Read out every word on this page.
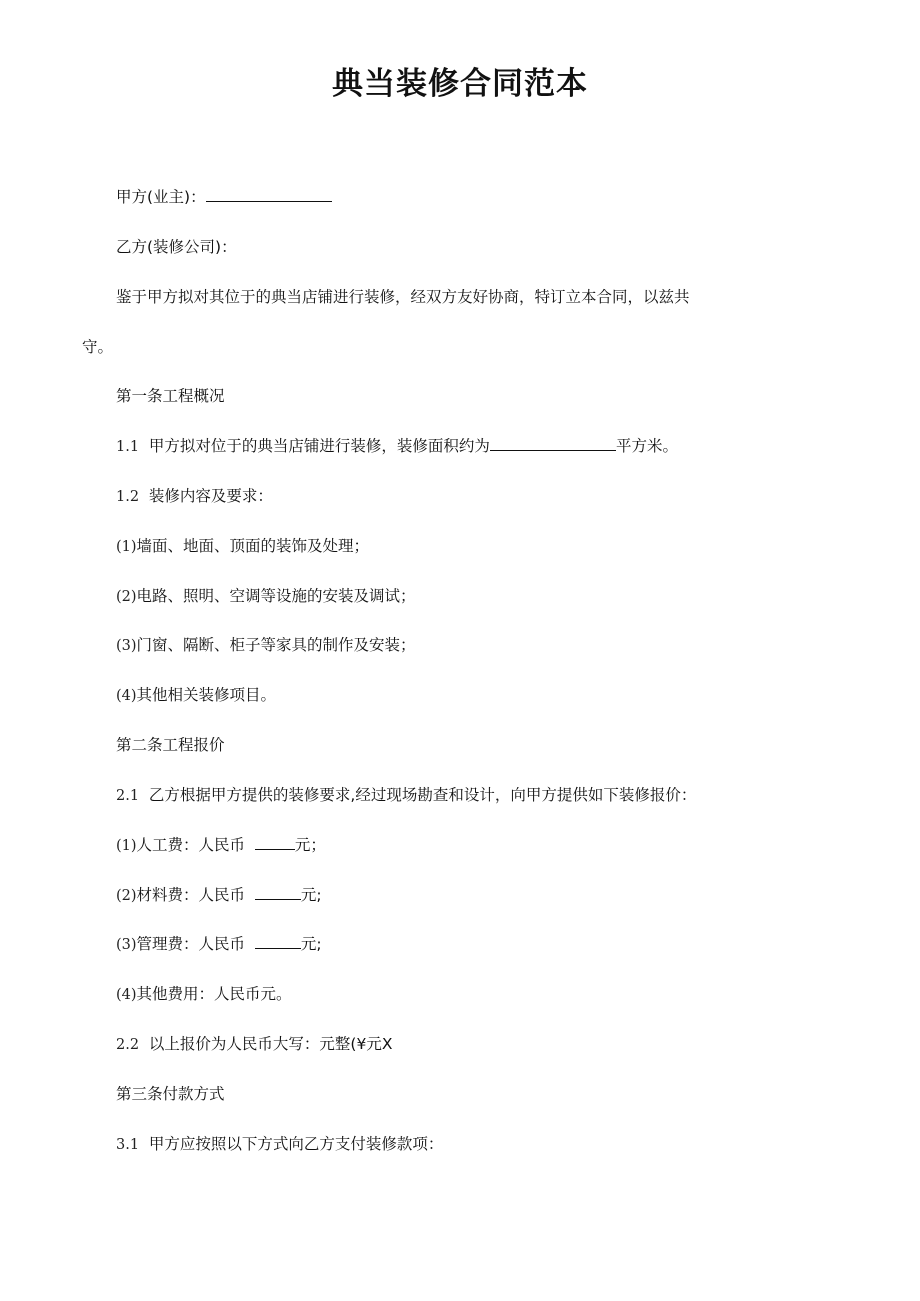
典当装修合同范本
甲方(业主)：
乙方(装修公司)：
鉴于甲方拟对其位于的典当店铺进行装修，经双方友好协商，特订立本合同，以兹共
守。
第一条工程概况
1.1 甲方拟对位于的典当店铺进行装修，装修面积约为	平方米。
1.2 装修内容及要求：
(1)墙面、地面、顶面的装饰及处理；
(2)电路、照明、空调等设施的安装及调试；
(3)门窗、隔断、柜子等家具的制作及安装；
(4)其他相关装修项目。
第二条工程报价
2.1 乙方根据甲方提供的装修要求,经过现场勘查和设计，向甲方提供如下装修报价：
(1)人工费：人民币	元；
(2)材料费：人民币	元;
(3)管理费：人民币	元;
(4)其他费用：人民币元。
2.2 以上报价为人民币大写：元整(¥元X
第三条付款方式
3.1 甲方应按照以下方式向乙方支付装修款项：
